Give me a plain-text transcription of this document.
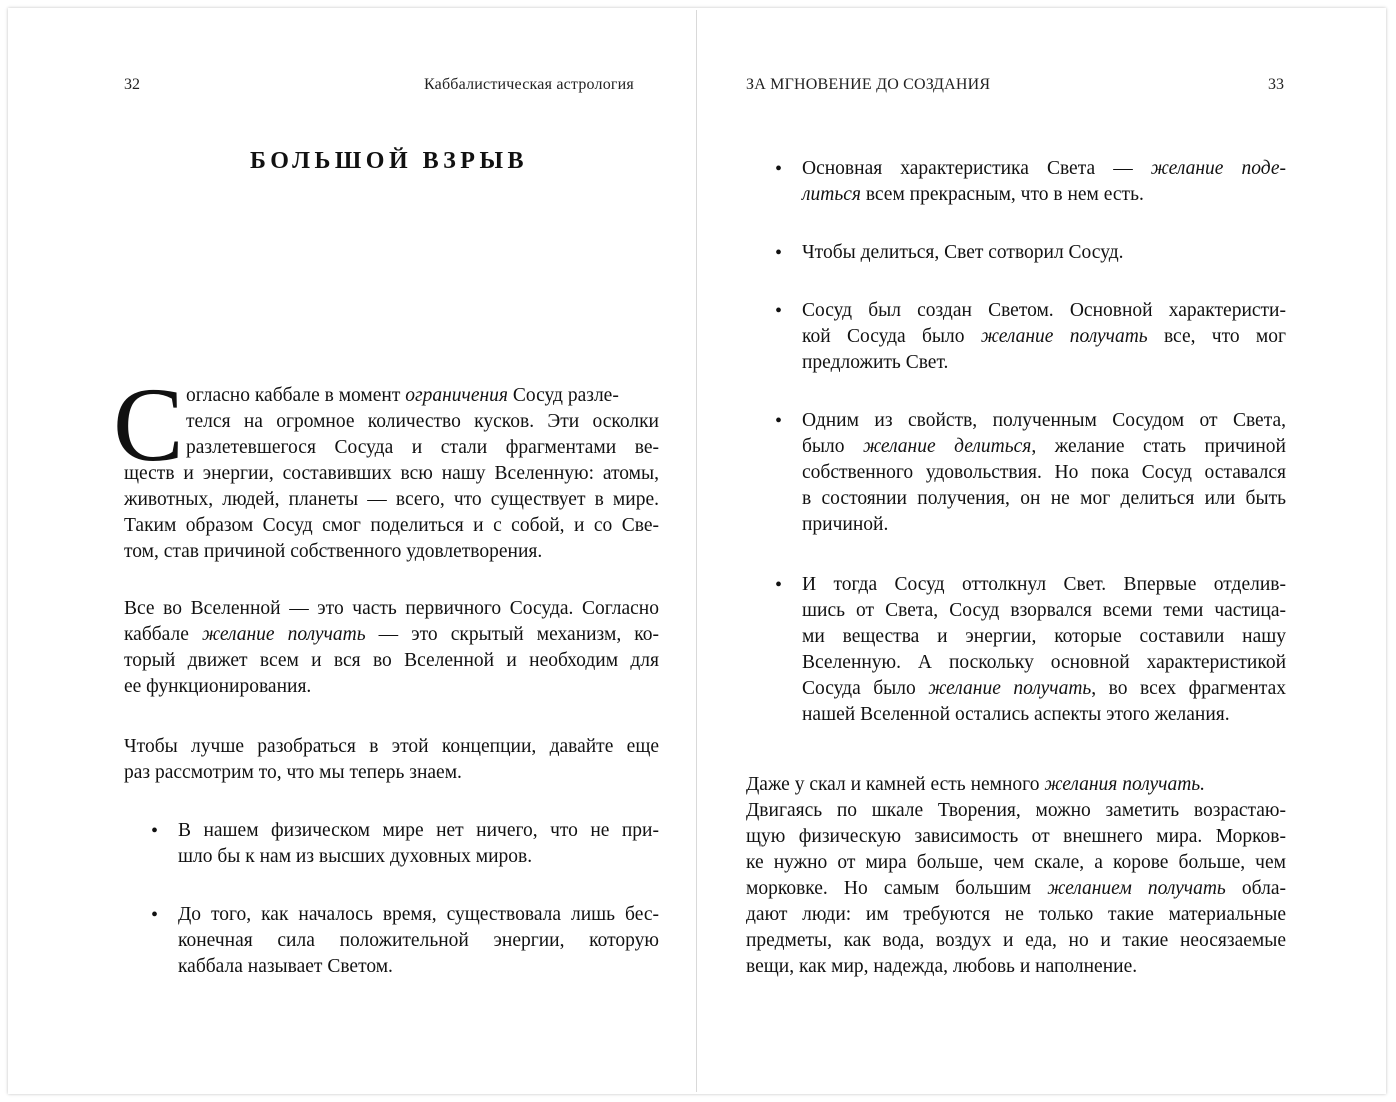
32	Каббалистическая астрология
БОЛЬШОЙ ВЗРЫВ
С огласно каббале в момент ограничения Сосуд разле-
телся на огромное количество кусков. Эти осколки
разлетевшегося Сосуда и стали фрагментами ве-
ществ и энергии, составивших всю нашу Вселенную: атомы,
животных, людей, планеты — всего, что существует в мире.
Таким образом Сосуд смог поделиться и с собой, и со Све-
том, став причиной собственного удовлетворения.
Все во Вселенной — это часть первичного Сосуда. Согласно
каббале желание получать — это скрытый механизм, ко-
торый движет всем и вся во Вселенной и необходим для
ее функционирования.
Чтобы лучше разобраться в этой концепции, давайте еще
раз рассмотрим то, что мы теперь знаем.
• В нашем физическом мире нет ничего, что не при-
шло бы к нам из высших духовных миров.
• До того, как началось время, существовала лишь бес-
конечная сила положительной энергии, которую
каббала называет Светом.
ЗА МГНОВЕНИЕ ДО СОЗДАНИЯ	33
• Основная характеристика Света — желание поде-
литься всем прекрасным, что в нем есть.
• Чтобы делиться, Свет сотворил Сосуд.
• Сосуд был создан Светом. Основной характеристи-
кой Сосуда было желание получать все, что мог
предложить Свет.
• Одним из свойств, полученным Сосудом от Света,
было желание делиться, желание стать причиной
собственного удовольствия. Но пока Сосуд оставался
в состоянии получения, он не мог делиться или быть
причиной.
• И тогда Сосуд оттолкнул Свет. Впервые отделив-
шись от Света, Сосуд взорвался всеми теми частица-
ми вещества и энергии, которые составили нашу
Вселенную. А поскольку основной характеристикой
Сосуда было желание получать, во всех фрагментах
нашей Вселенной остались аспекты этого желания.
Даже у скал и камней есть немного желания получать.
Двигаясь по шкале Творения, можно заметить возрастаю-
щую физическую зависимость от внешнего мира. Морков-
ке нужно от мира больше, чем скале, а корове больше, чем
морковке. Но самым большим желанием получать обла-
дают люди: им требуются не только такие материальные
предметы, как вода, воздух и еда, но и такие неосязаемые
вещи, как мир, надежда, любовь и наполнение.
